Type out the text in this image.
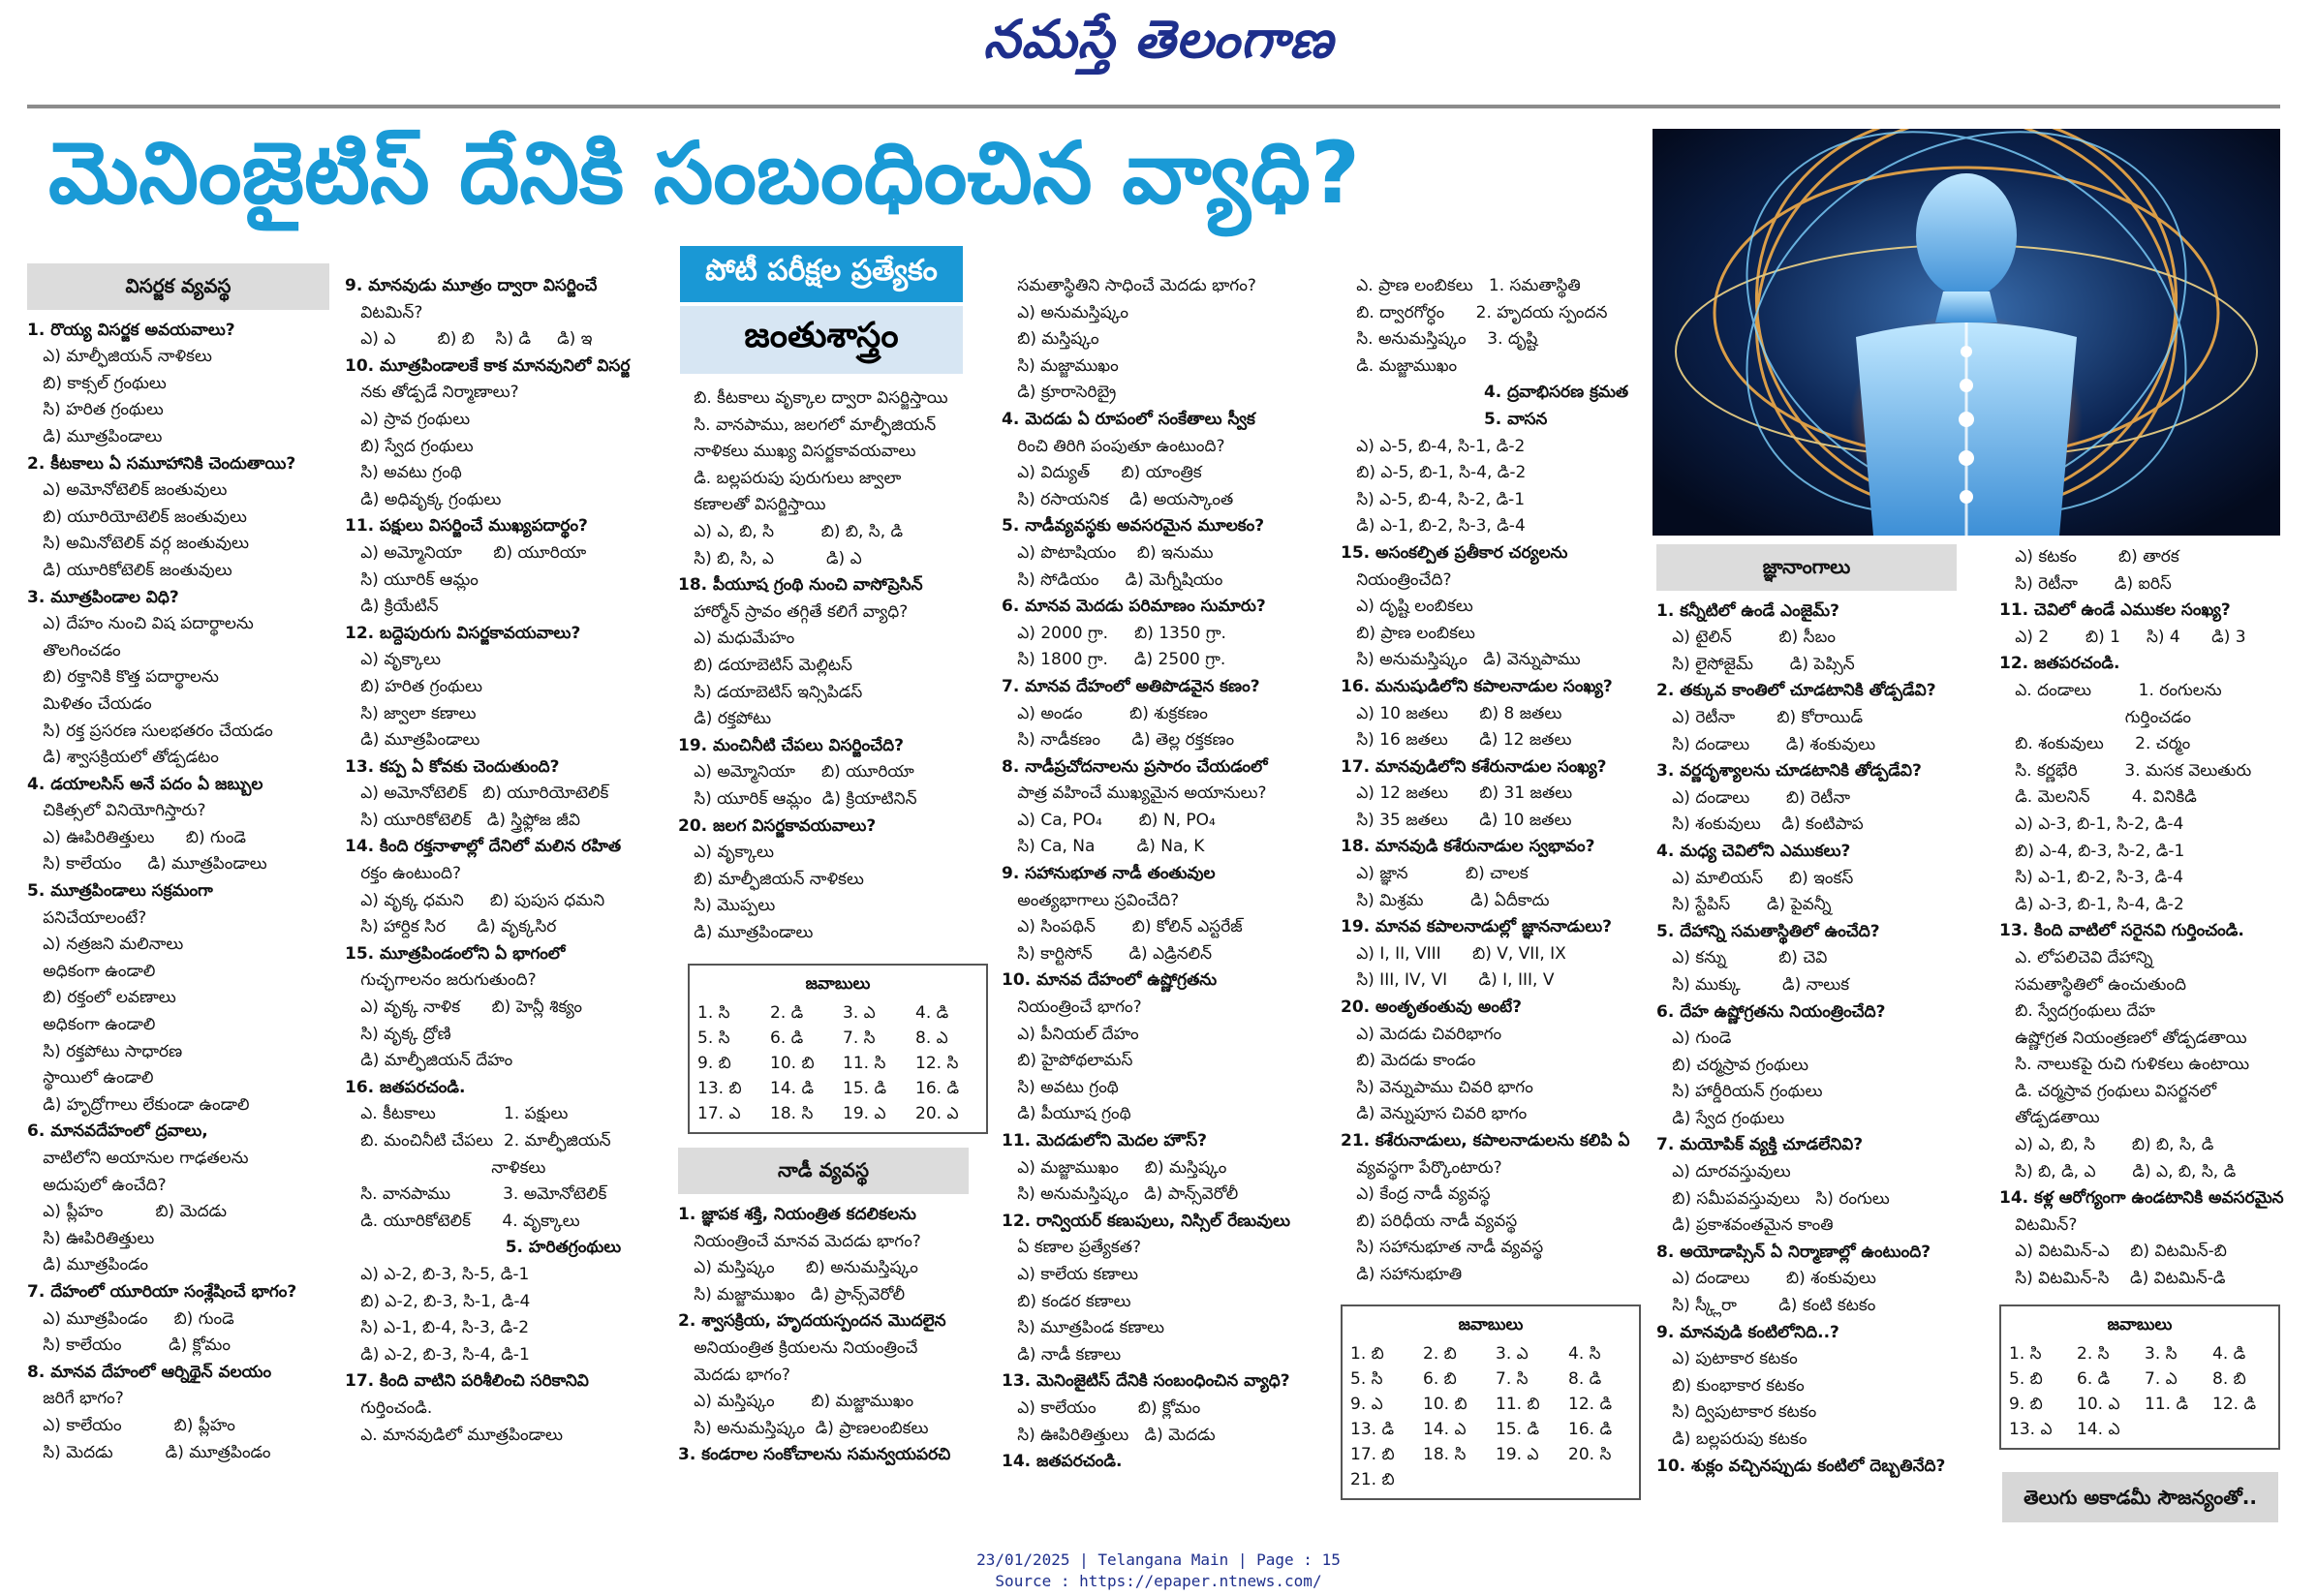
నమస్తే తెలంగాణ
మెనింజైటిస్ దేనికి సంబంధించిన వ్యాధి?
పోటీ పరీక్షల ప్రత్యేకం
జంతుశాస్త్రం
విసర్జక వ్యవస్థ

1. రొయ్య విసర్జక అవయవాలు?

ఎ) మాల్ఫీజియన్ నాళికలు

బి) కాక్సల్ గ్రంథులు

సి) హరిత గ్రంథులు

డి) మూత్రపిండాలు

2. కీటకాలు ఏ సమూహానికి చెందుతాయి?

ఎ) అమోనోటెలిక్ జంతువులు

బి) యూరియోటెలిక్ జంతువులు

సి) అమినోటెలిక్ వర్గ జంతువులు

డి) యూరికోటెలిక్ జంతువులు

3. మూత్రపిండాల విధి?

ఎ) దేహం నుంచి విష పదార్థాలను

తొలగించడం

బి) రక్తానికి కొత్త పదార్థాలను

మిళితం చేయడం

సి) రక్త ప్రసరణ సులభతరం చేయడం

డి) శ్వాసక్రియలో తోడ్పడటం

4. డయాలసిస్ అనే పదం ఏ జబ్బుల

చికిత్సలో వినియోగిస్తారు?

ఎ) ఊపిరితిత్తులు      బి) గుండె

సి) కాలేయం     డి) మూత్రపిండాలు

5. మూత్రపిండాలు సక్రమంగా

పనిచేయాలంటే?

ఎ) నత్రజని మలినాలు

అధికంగా ఉండాలి

బి) రక్తంలో లవణాలు

అధికంగా ఉండాలి

సి) రక్తపోటు సాధారణ

స్థాయిలో ఉండాలి

డి) హృద్రోగాలు లేకుండా ఉండాలి

6. మానవదేహంలో ద్రవాలు,

వాటిలోని అయానుల గాఢతలను

అదుపులో ఉంచేది?

ఎ) ప్లీహం          బి) మెదడు

సి) ఊపిరితిత్తులు

డి) మూత్రపిండం

7. దేహంలో యూరియా సంశ్లేషించే భాగం?

ఎ) మూత్రపిండం     బి) గుండె

సి) కాలేయం         డి) క్లోమం

8. మానవ దేహంలో ఆర్నిథైన్ వలయం

జరిగే భాగం?

ఎ) కాలేయం          బి) ప్లీహం

సి) మెదడు          డి) మూత్రపిండం

9. మానవుడు మూత్రం ద్వారా విసర్జించే

విటమిన్?

ఎ) ఎ        బి) బి    సి) డి     డి) ఇ

10. మూత్రపిండాలకే కాక మానవునిలో విసర్జ

నకు తోడ్పడే నిర్మాణాలు?

ఎ) స్రావ గ్రంథులు

బి) స్వేద గ్రంథులు

సి) అవటు గ్రంథి

డి) అధివృక్క గ్రంథులు

11. పక్షులు విసర్జించే ముఖ్యపదార్థం?

ఎ) అమ్మోనియా      బి) యూరియా

సి) యూరిక్ ఆమ్లం

డి) క్రియేటిన్

12. బద్దెపురుగు విసర్జకావయవాలు?

ఎ) వృక్కాలు

బి) హరిత గ్రంథులు

సి) జ్వాలా కణాలు

డి) మూత్రపిండాలు

13. కప్ప ఏ కోవకు చెందుతుంది?

ఎ) అమోనోటెలిక్   బి) యూరియోటెలిక్

సి) యూరికోటెలిక్   డి) స్త్రిఫ్లోజ జీవి

14. కింది రక్తనాళాల్లో దేనిలో మలిన రహిత

రక్తం ఉంటుంది?

ఎ) వృక్క ధమని     బి) పుపుస ధమని

సి) హార్దిక సిర      డి) వృక్కసిర

15. మూత్రపిండంలోని ఏ భాగంలో

గుచ్ఛగాలనం జరుగుతుంది?

ఎ) వృక్క నాళిక      బి) హెన్లీ శిక్యం

సి) వృక్క ద్రోణి

డి) మాల్ఫీజియన్ దేహం

16. జతపరచండి.

ఎ. కీటకాలు             1. పక్షులు

బి. మంచినీటి చేపలు  2. మాల్ఫీజియన్

నాళికలు

సి. వానపాము          3. అమోనోటెలిక్

డి. యూరికోటెలిక్      4. వృక్కాలు

5. హరితగ్రంథులు

ఎ) ఎ-2, బి-3, సి-5, డి-1

బి) ఎ-2, బి-3, సి-1, డి-4

సి) ఎ-1, బి-4, సి-3, డి-2

డి) ఎ-2, బి-3, సి-4, డి-1

17. కింది వాటిని పరిశీలించి సరికానివి

గుర్తించండి.

ఎ. మానవుడిలో మూత్రపిండాలు

బి. కీటకాలు వృక్కాల ద్వారా విసర్జిస్తాయి

సి. వానపాము, జలగలో మాల్ఫీజియన్

నాళికలు ముఖ్య విసర్జకావయవాలు

డి. బల్లపరుపు పురుగులు జ్వాలా

కణాలతో విసర్జిస్తాయి

ఎ) ఎ, బి, సి         బి) బి, సి, డి

సి) బి, సి, ఎ          డి) ఎ

18. పీయూష గ్రంథి నుంచి వాసోప్రెసిన్

హార్మోన్ స్రావం తగ్గితే కలిగే వ్యాధి?

ఎ) మధుమేహం

బి) డయాబెటిస్ మెల్లిటస్

సి) డయాబెటిస్ ఇన్సిపిడస్

డి) రక్తపోటు

19. మంచినీటి చేపలు విసర్జించేది?

ఎ) అమ్మోనియా     బి) యూరియా

సి) యూరిక్ ఆమ్లం  డి) క్రియాటినిన్

20. జలగ విసర్జకావయవాలు?

ఎ) వృక్కాలు

బి) మాల్ఫీజియన్ నాళికలు

సి) మొప్పలు

డి) మూత్రపిండాలు

జవాబులు
1. సి	2. డి	3. ఎ	4. డి
5. సి	6. డి	7. సి	8. ఎ
9. బి	10. బి	11. సి	12. సి
13. బి	14. డి	15. డి	16. డి
17. ఎ	18. సి	19. ఎ	20. ఎ
నాడీ వ్యవస్థ

1. జ్ఞాపక శక్తి, నియంత్రిత కదలికలను

నియంత్రించే మానవ మెదడు భాగం?

ఎ) మస్తిష్కం      బి) అనుమస్తిష్కం

సి) మజ్జాముఖం   డి) ప్రాన్స్‌వెరోలీ

2. శ్వాసక్రియ, హృదయస్పందన మొదలైన

అనియంత్రిత క్రియలను నియంత్రించే

మెదడు భాగం?

ఎ) మస్తిష్కం       బి) మజ్జాముఖం

సి) అనుమస్తిష్కం  డి) ప్రాణలంబికలు

3. కండరాల సంకోచాలను సమన్వయపరచి

సమతాస్థితిని సాధించే మెదడు భాగం?

ఎ) అనుమస్తిష్కం

బి) మస్తిష్కం

సి) మజ్జాముఖం

డి) క్రూరాసెరిబ్రై

4. మెదడు ఏ రూపంలో సంకేతాలు స్వీక

రించి తిరిగి పంపుతూ ఉంటుంది?

ఎ) విద్యుత్      బి) యాంత్రిక

సి) రసాయనిక    డి) అయస్కాంత

5. నాడీవ్యవస్థకు అవసరమైన మూలకం?

ఎ) పొటాషియం    బి) ఇనుము

సి) సోడియం     డి) మెగ్నీషియం

6. మానవ మెదడు పరిమాణం సుమారు?

ఎ) 2000 గ్రా.     బి) 1350 గ్రా.

సి) 1800 గ్రా.     డి) 2500 గ్రా.

7. మానవ దేహంలో అతిపొడవైన కణం?

ఎ) అండం         బి) శుక్రకణం

సి) నాడీకణం      డి) తెల్ల రక్తకణం

8. నాడీప్రచోదనాలను ప్రసారం చేయడంలో

పాత్ర వహించే ముఖ్యమైన అయానులు?

ఎ) Ca, PO₄       బి) N, PO₄

సి) Ca, Na        డి) Na, K

9. సహానుభూత నాడీ తంతువుల

అంత్యభాగాలు స్రవించేది?

ఎ) సింపథిన్       బి) కోలిన్ ఎస్టరేజ్

సి) కార్టిసోన్       డి) ఎడ్రినలిన్

10. మానవ దేహంలో ఉష్ణోగ్రతను

నియంత్రించే భాగం?

ఎ) పీనియల్ దేహం

బి) హైపోథలామస్

సి) అవటు గ్రంథి

డి) పీయూష గ్రంథి

11. మెదడులోని మెదల హౌస్?

ఎ) మజ్జాముఖం     బి) మస్తిష్కం

సి) అనుమస్తిష్కం   డి) పాన్స్‌వెరోలీ

12. రాన్వియర్ కణుపులు, నిస్సిల్ రేణువులు

ఏ కణాల ప్రత్యేకత?

ఎ) కాలేయ కణాలు

బి) కండర కణాలు

సి) మూత్రపిండ కణాలు

డి) నాడీ కణాలు

13. మెనింజైటిస్ దేనికి సంబంధించిన వ్యాధి?

ఎ) కాలేయం        బి) క్లోమం

సి) ఊపిరితిత్తులు   డి) మెదడు

14. జతపరచండి.

ఎ. ప్రాణ లంబికలు   1. సమతాస్థితి

బి. ద్వారగోర్ధం      2. హృదయ స్పందన

సి. అనుమస్తిష్కం    3. దృష్టి

డి. మజ్జాముఖం

4. ద్రవాభిసరణ క్రమత

5. వాసన

ఎ) ఎ-5, బి-4, సి-1, డి-2

బి) ఎ-5, బి-1, సి-4, డి-2

సి) ఎ-5, బి-4, సి-2, డి-1

డి) ఎ-1, బి-2, సి-3, డి-4

15. అసంకల్పిత ప్రతీకార చర్యలను

నియంత్రించేది?

ఎ) దృష్టి లంబికలు

బి) ప్రాణ లంబికలు

సి) అనుమస్తిష్కం   డి) వెన్నుపాము

16. మనుషుడిలోని కపాలనాడుల సంఖ్య?

ఎ) 10 జతలు      బి) 8 జతలు

సి) 16 జతలు      డి) 12 జతలు

17. మానవుడిలోని కశేరునాడుల సంఖ్య?

ఎ) 12 జతలు      బి) 31 జతలు

సి) 35 జతలు      డి) 10 జతలు

18. మానవుడి కశేరునాడుల స్వభావం?

ఎ) జ్ఞాన           బి) చాలక

సి) మిశ్రమ         డి) ఏదీకాదు

19. మానవ కపాలనాడుల్లో జ్ఞాననాడులు?

ఎ) I, II, VIII      బి) V, VII, IX

సి) III, IV, VI      డి) I, III, V

20. అంతృతంతువు అంటే?

ఎ) మెదడు చివరిభాగం

బి) మెదడు కాండం

సి) వెన్నుపాము చివరి భాగం

డి) వెన్నుపూస చివరి భాగం

21. కశేరునాడులు, కపాలనాడులను కలిపి ఏ

వ్యవస్థగా పేర్కొంటారు?

ఎ) కేంద్ర నాడీ వ్యవస్థ

బి) పరిధీయ నాడీ వ్యవస్థ

సి) సహానుభూత నాడీ వ్యవస్థ

డి) సహానుభూతి

జవాబులు
1. బి	2. బి	3. ఎ	4. సి
5. సి	6. బి	7. సి	8. డి
9. ఎ	10. బి	11. బి	12. డి
13. డి	14. ఎ	15. డి	16. డి
17. బి	18. సి	19. ఎ	20. సి
21. బి
జ్ఞానాంగాలు

1. కన్నీటిలో ఉండే ఎంజైమ్?

ఎ) టైలిన్         బి) సీబం

సి) లైసోజైమ్       డి) పెప్సిన్

2. తక్కువ కాంతిలో చూడటానికి తోడ్పడేవి?

ఎ) రెటీనా        బి) కోరాయిడ్

సి) దండాలు       డి) శంకువులు

3. వర్ణదృశ్యాలను చూడటానికి తోడ్పడేవి?

ఎ) దండాలు       బి) రెటీనా

సి) శంకువులు    డి) కంటిపాప

4. మధ్య చెవిలోని ఎముకలు?

ఎ) మాలియస్     బి) ఇంకస్

సి) స్టేపిస్       డి) పైవన్నీ

5. దేహాన్ని సమతాస్థితిలో ఉంచేది?

ఎ) కన్ను          బి) చెవి

సి) ముక్కు        డి) నాలుక

6. దేహ ఉష్ణోగ్రతను నియంత్రించేది?

ఎ) గుండె

బి) చర్మస్రావ గ్రంథులు

సి) హార్డీరియన్ గ్రంథులు

డి) స్వేద గ్రంథులు

7. మయోపిక్ వ్యక్తి చూడలేనివి?

ఎ) దూరవస్తువులు

బి) సమీపవస్తువులు   సి) రంగులు

డి) ప్రకాశవంతమైన కాంతి

8. అయోడాప్సిన్ ఏ నిర్మాణాల్లో ఉంటుంది?

ఎ) దండాలు       బి) శంకువులు

సి) స్క్లీరా        డి) కంటి కటకం

9. మానవుడి కంటిలోనిది..?

ఎ) పుటాకార కటకం

బి) కుంభాకార కటకం

సి) ద్విపుటాకార కటకం

డి) బల్లపరుపు కటకం

10. శుక్లం వచ్చినప్పుడు కంటిలో దెబ్బతినేది?

ఎ) కటకం        బి) తారక

సి) రెటీనా       డి) ఐరిస్

11. చెవిలో ఉండే ఎముకల సంఖ్య?

ఎ) 2       బి) 1     సి) 4      డి) 3

12. జతపరచండి.

ఎ. దండాలు         1. రంగులను

గుర్తించడం

బి. శంకువులు      2. చర్మం

సి. కర్ణభేరి         3. మసక వెలుతురు

డి. మెలనిన్        4. వినికిడి

ఎ) ఎ-3, బి-1, సి-2, డి-4

బి) ఎ-4, బి-3, సి-2, డి-1

సి) ఎ-1, బి-2, సి-3, డి-4

డి) ఎ-3, బి-1, సి-4, డి-2

13. కింది వాటిలో సరైనవి గుర్తించండి.

ఎ. లోపలిచెవి దేహాన్ని

సమతాస్థితిలో ఉంచుతుంది

బి. స్వేదగ్రంథులు దేహ

ఉష్ణోగ్రత నియంత్రణలో తోడ్పడతాయి

సి. నాలుకపై రుచి గుళికలు ఉంటాయి

డి. చర్మస్రావ గ్రంథులు విసర్జనలో

తోడ్పడతాయి

ఎ) ఎ, బి, సి       బి) బి, సి, డి

సి) బి, డి, ఎ       డి) ఎ, బి, సి, డి

14. కళ్ల ఆరోగ్యంగా ఉండటానికి అవసరమైన

విటమిన్?

ఎ) విటమిన్-ఎ    బి) విటమిన్-బి

సి) విటమిన్-సి    డి) విటమిన్-డి

జవాబులు
1. సి	2. సి	3. సి	4. డి
5. బి	6. డి	7. ఎ	8. బి
9. బి	10. ఎ	11. డి	12. డి
13. ఎ	14. ఎ
తెలుగు అకాడమీ సౌజన్యంతో..
23/01/2025 | Telangana Main | Page : 15
Source : https://epaper.ntnews.com/
